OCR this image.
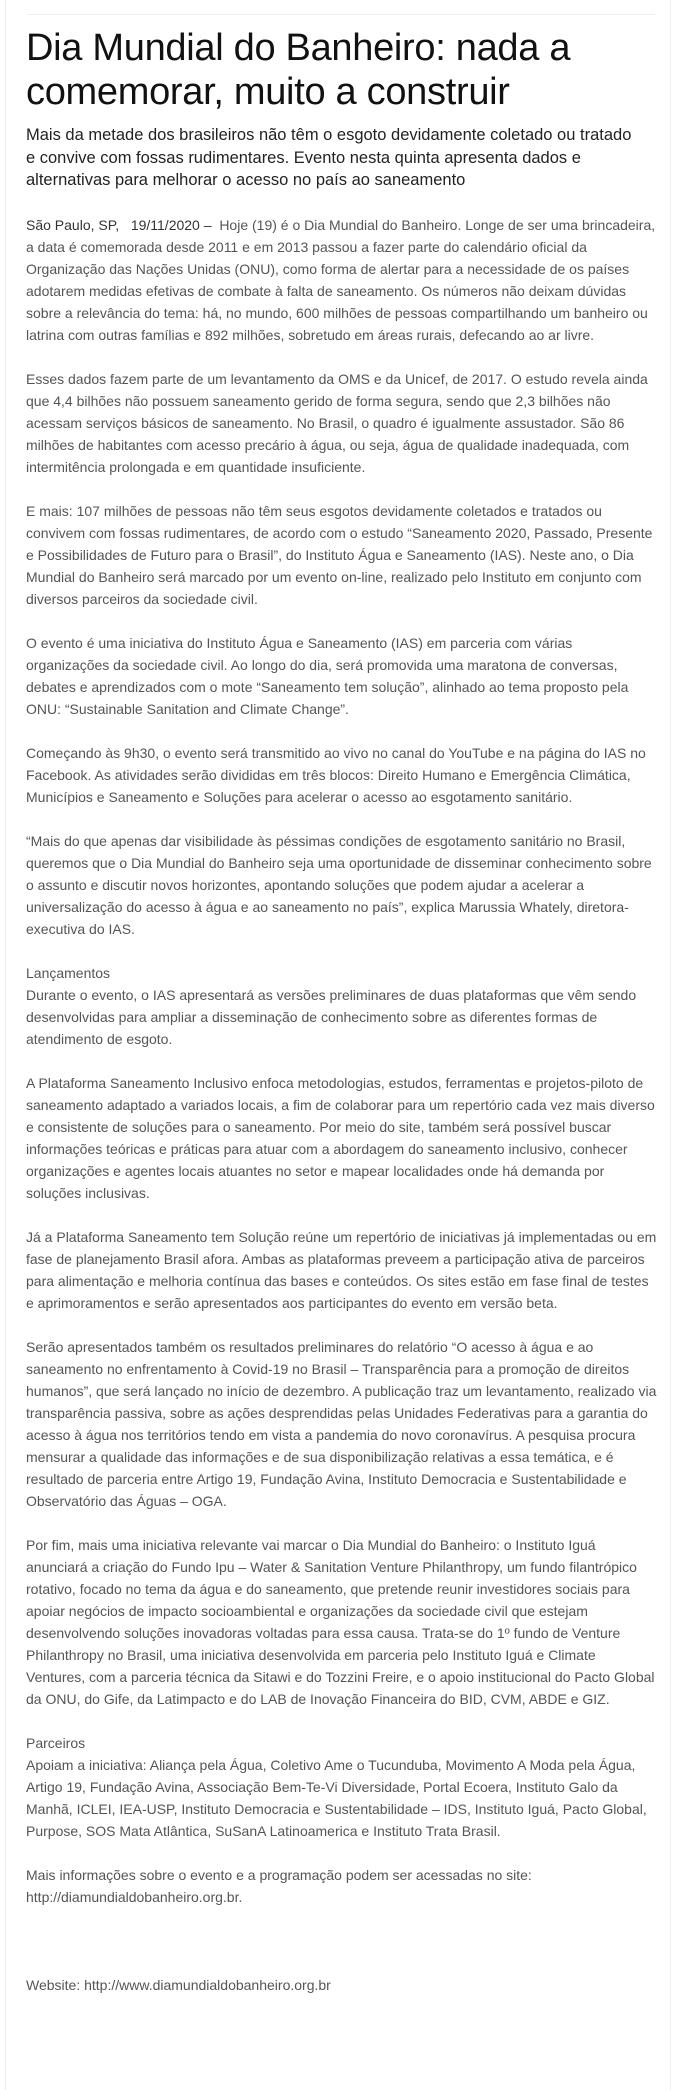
Dia Mundial do Banheiro: nada a comemorar, muito a construir
Mais da metade dos brasileiros não têm o esgoto devidamente coletado ou tratado
e convive com fossas rudimentares. Evento nesta quinta apresenta dados e alternativas para melhorar o acesso no país ao saneamento

São Paulo, SP,   19/11/2020 –  Hoje (19) é o Dia Mundial do Banheiro. Longe de ser uma brincadeira, a data é comemorada desde 2011 e em 2013 passou a fazer parte do calendário oficial da Organização das Nações Unidas (ONU), como forma de alertar para a necessidade de os países adotarem medidas efetivas de combate à falta de saneamento. Os números não deixam dúvidas sobre a relevância do tema: há, no mundo, 600 milhões de pessoas compartilhando um banheiro ou latrina com outras famílias e 892 milhões, sobretudo em áreas rurais, defecando ao ar livre.

Esses dados fazem parte de um levantamento da OMS e da Unicef, de 2017. O estudo revela ainda que 4,4 bilhões não possuem saneamento gerido de forma segura, sendo que 2,3 bilhões não acessam serviços básicos de saneamento. No Brasil, o quadro é igualmente assustador. São 86 milhões de habitantes com acesso precário à água, ou seja, água de qualidade inadequada, com intermitência prolongada e em quantidade insuficiente.

E mais: 107 milhões de pessoas não têm seus esgotos devidamente coletados e tratados ou convivem com fossas rudimentares, de acordo com o estudo “Saneamento 2020, Passado, Presente e Possibilidades de Futuro para o Brasil”, do Instituto Água e Saneamento (IAS). Neste ano, o Dia Mundial do Banheiro será marcado por um evento on-line, realizado pelo Instituto em conjunto com diversos parceiros da sociedade civil.

O evento é uma iniciativa do Instituto Água e Saneamento (IAS) em parceria com várias organizações da sociedade civil. Ao longo do dia, será promovida uma maratona de conversas, debates e aprendizados com o mote “Saneamento tem solução”, alinhado ao tema proposto pela ONU: “Sustainable Sanitation and Climate Change”.

Começando às 9h30, o evento será transmitido ao vivo no canal do YouTube e na página do IAS no Facebook. As atividades serão divididas em três blocos: Direito Humano e Emergência Climática, Municípios e Saneamento e Soluções para acelerar o acesso ao esgotamento sanitário.

“Mais do que apenas dar visibilidade às péssimas condições de esgotamento sanitário no Brasil, queremos que o Dia Mundial do Banheiro seja uma oportunidade de disseminar conhecimento sobre o assunto e discutir novos horizontes, apontando soluções que podem ajudar a acelerar a universalização do acesso à água e ao saneamento no país”, explica Marussia Whately, diretora-executiva do IAS.

Lançamentos
Durante o evento, o IAS apresentará as versões preliminares de duas plataformas que vêm sendo desenvolvidas para ampliar a disseminação de conhecimento sobre as diferentes formas de atendimento de esgoto.

A Plataforma Saneamento Inclusivo enfoca metodologias, estudos, ferramentas e projetos-piloto de saneamento adaptado a variados locais, a fim de colaborar para um repertório cada vez mais diverso e consistente de soluções para o saneamento. Por meio do site, também será possível buscar informações teóricas e práticas para atuar com a abordagem do saneamento inclusivo, conhecer organizações e agentes locais atuantes no setor e mapear localidades onde há demanda por soluções inclusivas.

Já a Plataforma Saneamento tem Solução reúne um repertório de iniciativas já implementadas ou em fase de planejamento Brasil afora. Ambas as plataformas preveem a participação ativa de parceiros para alimentação e melhoria contínua das bases e conteúdos. Os sites estão em fase final de testes e aprimoramentos e serão apresentados aos participantes do evento em versão beta.

Serão apresentados também os resultados preliminares do relatório “O acesso à água e ao saneamento no enfrentamento à Covid-19 no Brasil – Transparência para a promoção de direitos humanos”, que será lançado no início de dezembro. A publicação traz um levantamento, realizado via transparência passiva, sobre as ações desprendidas pelas Unidades Federativas para a garantia do acesso à água nos territórios tendo em vista a pandemia do novo coronavírus. A pesquisa procura mensurar a qualidade das informações e de sua disponibilização relativas a essa temática, e é resultado de parceria entre Artigo 19, Fundação Avina, Instituto Democracia e Sustentabilidade e Observatório das Águas – OGA.

Por fim, mais uma iniciativa relevante vai marcar o Dia Mundial do Banheiro: o Instituto Iguá anunciará a criação do Fundo Ipu – Water & Sanitation Venture Philanthropy, um fundo filantrópico rotativo, focado no tema da água e do saneamento, que pretende reunir investidores sociais para apoiar negócios de impacto socioambiental e organizações da sociedade civil que estejam desenvolvendo soluções inovadoras voltadas para essa causa. Trata-se do 1º fundo de Venture Philanthropy no Brasil, uma iniciativa desenvolvida em parceria pelo Instituto Iguá e Climate Ventures, com a parceria técnica da Sitawi e do Tozzini Freire, e o apoio institucional do Pacto Global da ONU, do Gife, da Latimpacto e do LAB de Inovação Financeira do BID, CVM, ABDE e GIZ.

Parceiros
Apoiam a iniciativa: Aliança pela Água, Coletivo Ame o Tucunduba, Movimento A Moda pela Água, Artigo 19, Fundação Avina, Associação Bem-Te-Vi Diversidade, Portal Ecoera, Instituto Galo da Manhã, ICLEI, IEA-USP, Instituto Democracia e Sustentabilidade – IDS, Instituto Iguá, Pacto Global, Purpose, SOS Mata Atlântica, SuSanA Latinoamerica e Instituto Trata Brasil.

Mais informações sobre o evento e a programação podem ser acessadas no site:
http://diamundialdobanheiro.org.br.

Website: http://www.diamundialdobanheiro.org.br
